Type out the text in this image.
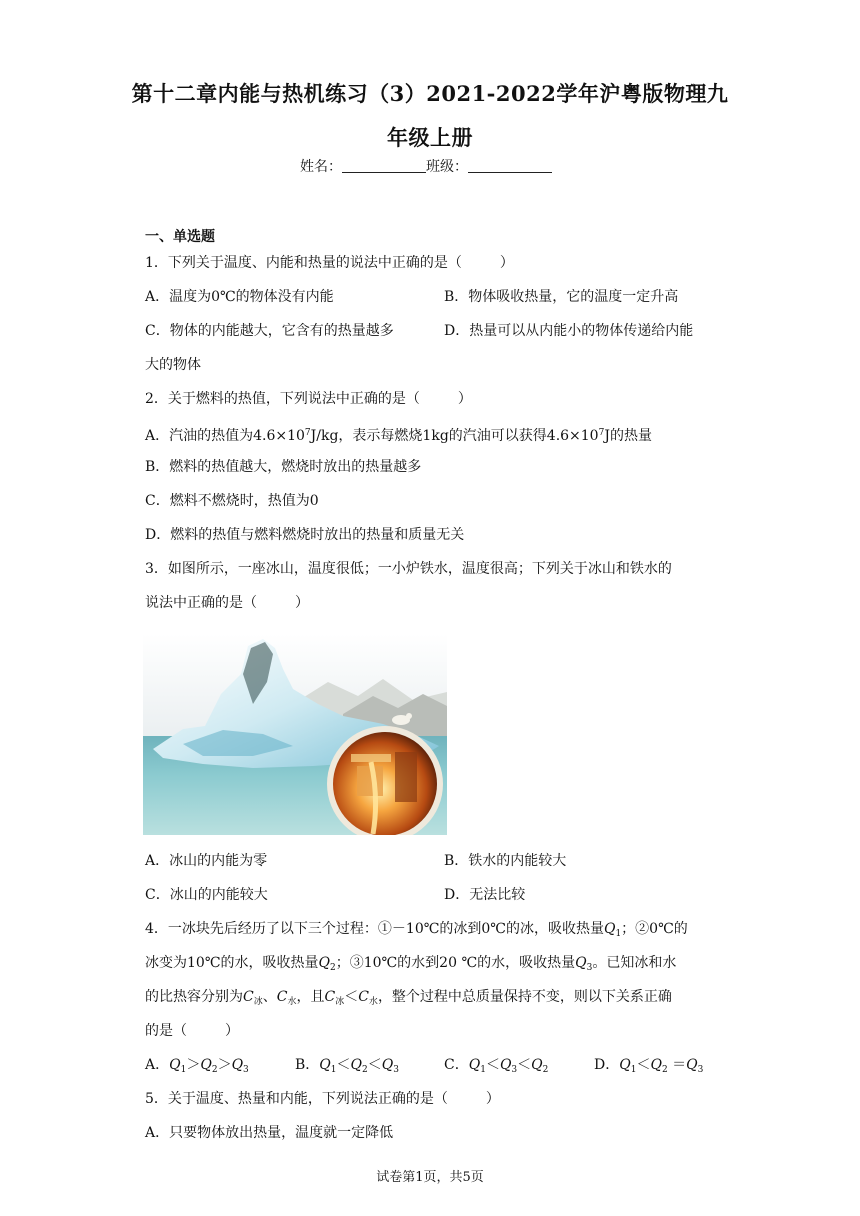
第十二章内能与热机练习（3）2021-2022学年沪粤版物理九
年级上册
姓名：	班级：
一、单选题
1．下列关于温度、内能和热量的说法中正确的是（	）
A．温度为0℃的物体没有内能	B．物体吸收热量，它的温度一定升高
C．物体的内能越大，它含有的热量越多	D．热量可以从内能小的物体传递给内能
大的物体
2．关于燃料的热值，下列说法中正确的是（	）
A．汽油的热值为$4.6\times 10^7J/kg$，表示每燃烧1kg的汽油可以获得$4.6\times 10^7J$的热量
B．燃料的热值越大，燃烧时放出的热量越多
C．燃料不燃烧时，热值为0
D．燃料的热值与燃料燃烧时放出的热量和质量无关
3．如图所示，一座冰山，温度很低；一小炉铁水，温度很高；下列关于冰山和铁水的
说法中正确的是（	）
A．冰山的内能为零	B．铁水的内能较大
C．冰山的内能较大	D．无法比较
4．一冰块先后经历了以下三个过程：①－10℃的冰到0℃的冰，吸收热量$Q_1$；②0℃的
冰变为10℃的水，吸收热量$Q_2$；③10℃的水到20 ℃的水，吸收热量$Q_3$。已知冰和水
的比热容分别为$C_冰$、$C_水$，且$C_冰<C_水$，整个过程中总质量保持不变，则以下关系正确
的是（	）
A．$Q_1>Q_2>Q_3$	B．$Q_1<Q_2<Q_3$	C．$Q_1<Q_3<Q_2$	D．$Q_1<Q_2 =Q_3$
5．关于温度、热量和内能，下列说法正确的是（	）
A．只要物体放出热量，温度就一定降低
试卷第1页，共5页
